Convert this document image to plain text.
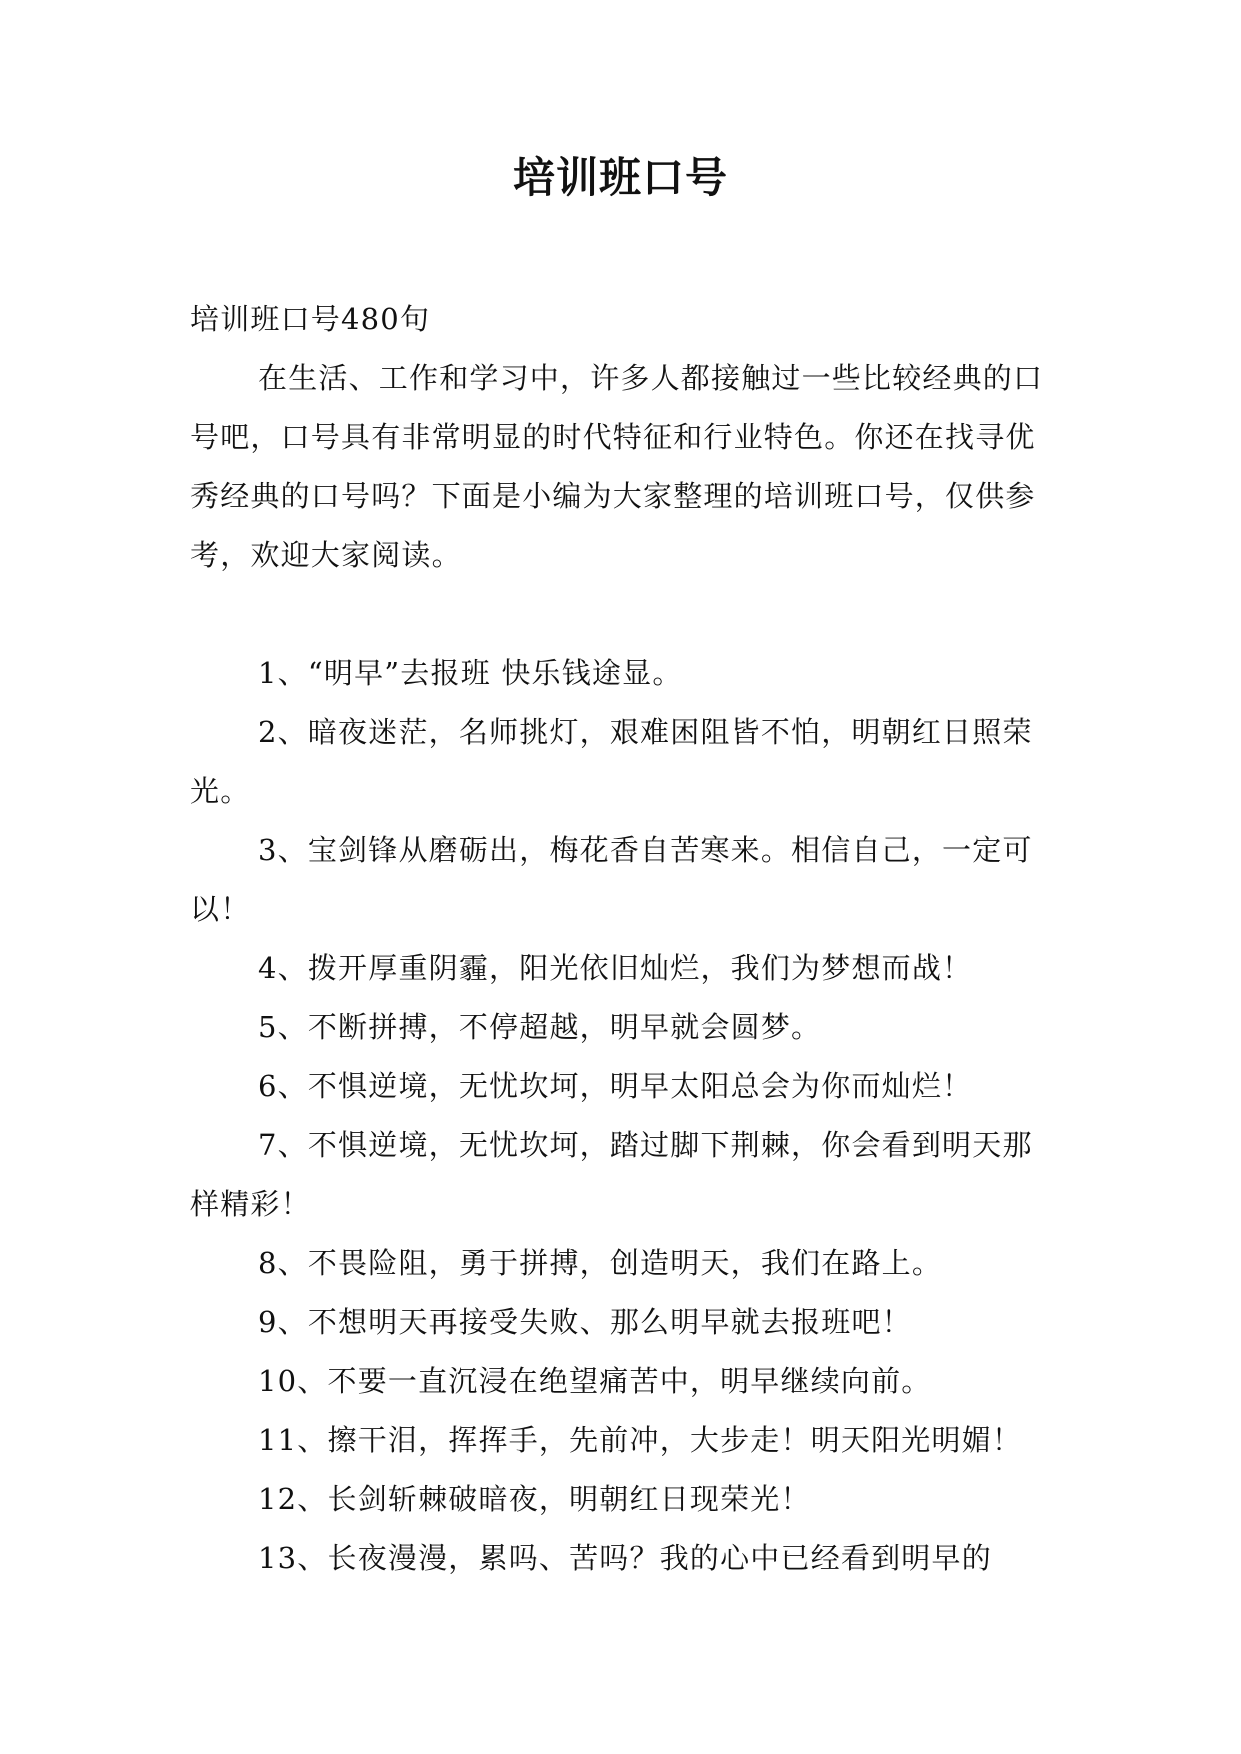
培训班口号

培训班口号480句

在生活、工作和学习中，许多人都接触过一些比较经典的口号吧，口号具有非常明显的时代特征和行业特色。你还在找寻优秀经典的口号吗？下面是小编为大家整理的培训班口号，仅供参考，欢迎大家阅读。

1、“明早”去报班 快乐钱途显。

2、暗夜迷茫，名师挑灯，艰难困阻皆不怕，明朝红日照荣光。

3、宝剑锋从磨砺出，梅花香自苦寒来。相信自己，一定可以！

4、拨开厚重阴霾，阳光依旧灿烂，我们为梦想而战！

5、不断拼搏，不停超越，明早就会圆梦。

6、不惧逆境，无忧坎坷，明早太阳总会为你而灿烂！

7、不惧逆境，无忧坎坷，踏过脚下荆棘，你会看到明天那样精彩！

8、不畏险阻，勇于拼搏，创造明天，我们在路上。

9、不想明天再接受失败、那么明早就去报班吧！

10、不要一直沉浸在绝望痛苦中，明早继续向前。

11、擦干泪，挥挥手，先前冲，大步走！明天阳光明媚！

12、长剑斩棘破暗夜，明朝红日现荣光！

13、长夜漫漫，累吗、苦吗？我的心中已经看到明早的
